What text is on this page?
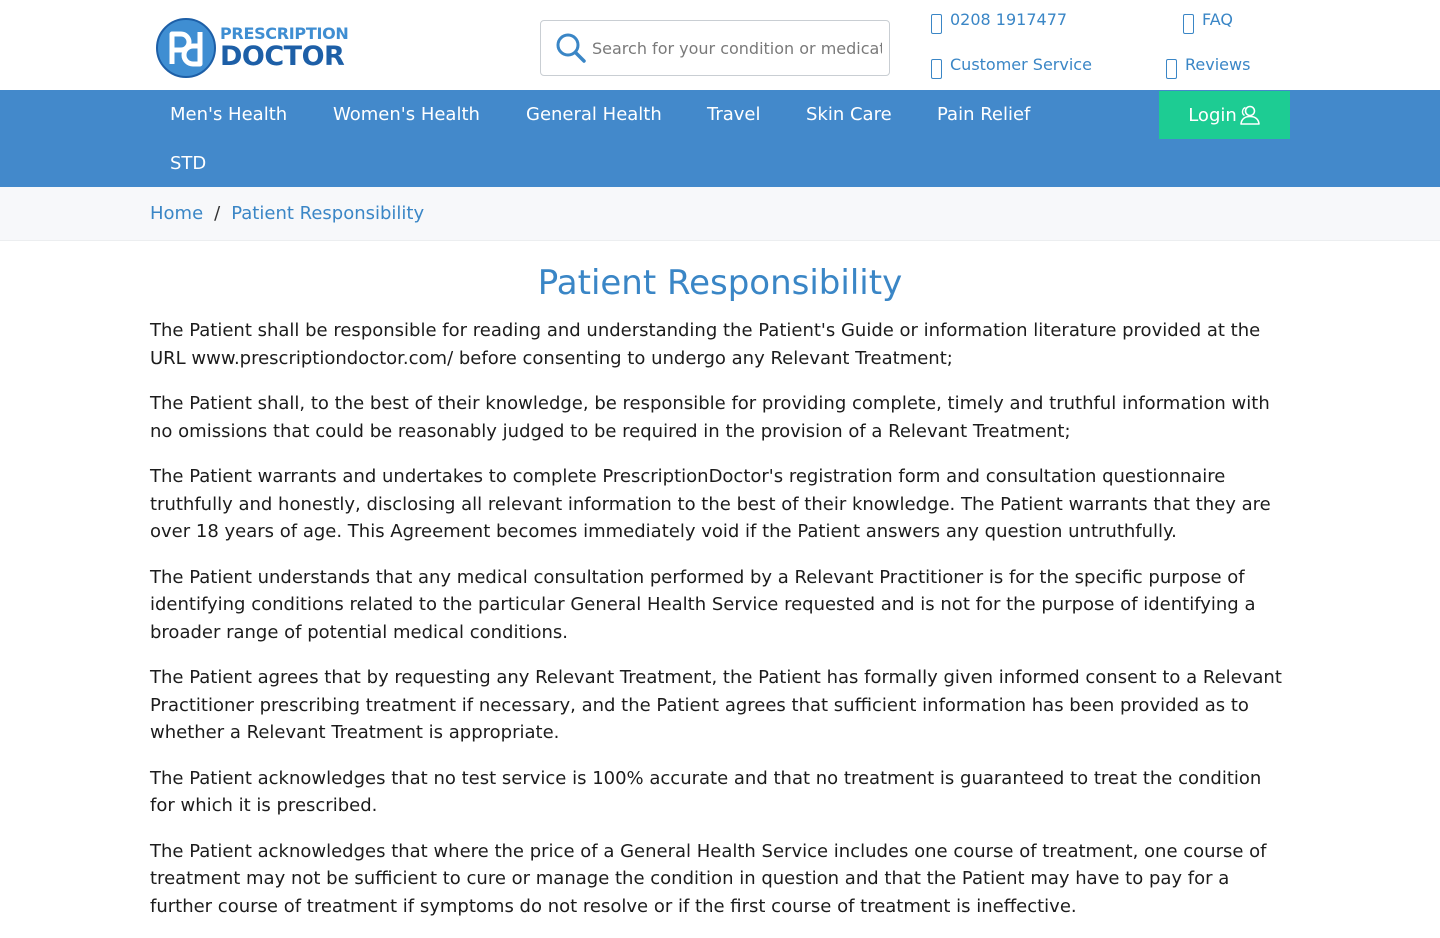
PRESCRIPTION
DOCTOR
Search for your condition or medication
0208 1917477	FAQ
Customer Service	Reviews
Men's Health	Women's Health	General Health	Travel	Skin Care	Pain Relief
STD
Login
Home / Patient Responsibility
Patient Responsibility

The Patient shall be responsible for reading and understanding the Patient's Guide or information literature provided at the URL www.prescriptiondoctor.com/ before consenting to undergo any Relevant Treatment;

The Patient shall, to the best of their knowledge, be responsible for providing complete, timely and truthful information with no omissions that could be reasonably judged to be required in the provision of a Relevant Treatment;

The Patient warrants and undertakes to complete PrescriptionDoctor's registration form and consultation questionnaire truthfully and honestly, disclosing all relevant information to the best of their knowledge. The Patient warrants that they are over 18 years of age. This Agreement becomes immediately void if the Patient answers any question untruthfully.

The Patient understands that any medical consultation performed by a Relevant Practitioner is for the specific purpose of identifying conditions related to the particular General Health Service requested and is not for the purpose of identifying a broader range of potential medical conditions.

The Patient agrees that by requesting any Relevant Treatment, the Patient has formally given informed consent to a Relevant Practitioner prescribing treatment if necessary, and the Patient agrees that sufficient information has been provided as to whether a Relevant Treatment is appropriate.

The Patient acknowledges that no test service is 100% accurate and that no treatment is guaranteed to treat the condition for which it is prescribed.

The Patient acknowledges that where the price of a General Health Service includes one course of treatment, one course of treatment may not be sufficient to cure or manage the condition in question and that the Patient may have to pay for a further course of treatment if symptoms do not resolve or if the first course of treatment is ineffective.
